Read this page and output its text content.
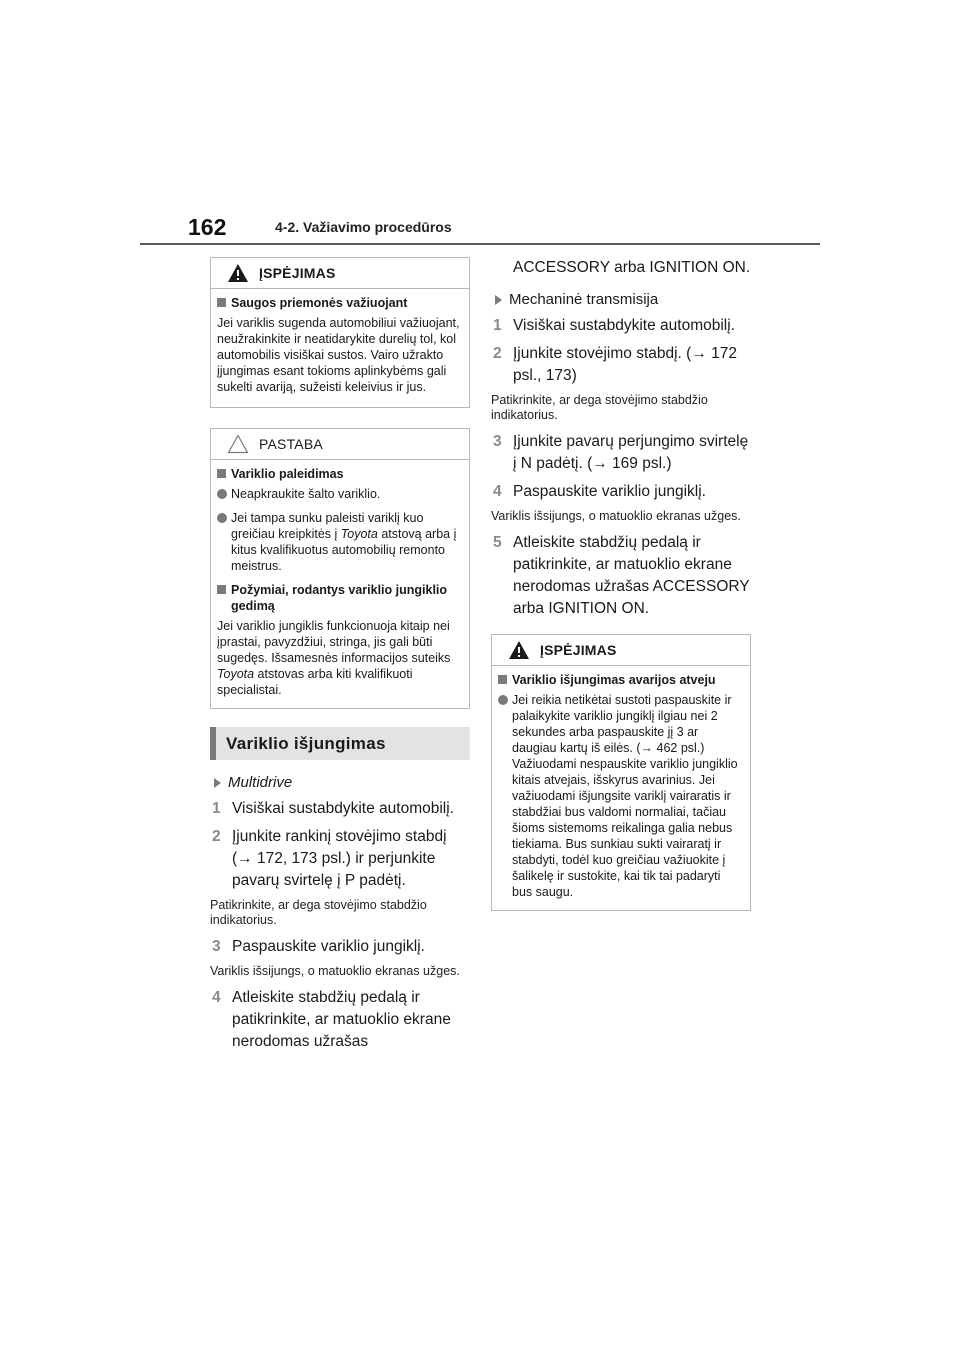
162	4-2. Važiavimo procedūros
ĮSPĖJIMAS

Saugos priemonės važiuojant

Jei variklis sugenda automobiliui važiuojant, neužrakinkite ir neatidarykite durelių tol, kol automobilis visiškai sustos. Vairo užrakto įjungimas esant tokioms aplinkybėms gali sukelti avariją, sužeisti keleivius ir jus.

PASTABA

Variklio paleidimas

Neapkraukite šalto variklio.

Jei tampa sunku paleisti variklį kuo greičiau kreipkitės į Toyota atstovą arba į kitus kvalifikuotus automobilių remonto meistrus.

Požymiai, rodantys variklio jungiklio gedimą

Jei variklio jungiklis funkcionuoja kitaip nei įprastai, pavyzdžiui, stringa, jis gali būti sugedęs. Išsamesnės informacijos suteiks Toyota atstovas arba kiti kvalifikuoti specialistai.

Variklio išjungimas

Multidrive

1 Visiškai sustabdykite automobilį.

2 Įjunkite rankinį stovėjimo stabdį (→ 172, 173 psl.) ir perjunkite pavarų svirtelę į P padėtį.

Patikrinkite, ar dega stovėjimo stabdžio indikatorius.

3 Paspauskite variklio jungiklį.

Variklis išsijungs, o matuoklio ekranas užges.

4 Atleiskite stabdžių pedalą ir patikrinkite, ar matuoklio ekrane nerodomas užrašas

ACCESSORY arba IGNITION ON.

Mechaninė transmisija

1 Visiškai sustabdykite automobilį.

2 Įjunkite stovėjimo stabdį. (→ 172 psl., 173)

Patikrinkite, ar dega stovėjimo stabdžio indikatorius.

3 Įjunkite pavarų perjungimo svirtelę į N padėtį. (→ 169 psl.)

4 Paspauskite variklio jungiklį.

Variklis išsijungs, o matuoklio ekranas užges.

5 Atleiskite stabdžių pedalą ir patikrinkite, ar matuoklio ekrane nerodomas užrašas ACCESSORY arba IGNITION ON.

ĮSPĖJIMAS

Variklio išjungimas avarijos atveju

Jei reikia netikėtai sustoti paspauskite ir palaikykite variklio jungiklį ilgiau nei 2 sekundes arba paspauskite jį 3 ar daugiau kartų iš eilės. (→ 462 psl.) Važiuodami nespauskite variklio jungiklio kitais atvejais, išskyrus avarinius. Jei važiuodami išjungsite variklį vairaratis ir stabdžiai bus valdomi normaliai, tačiau šioms sistemoms reikalinga galia nebus tiekiama. Bus sunkiau sukti vairaratį ir stabdyti, todėl kuo greičiau važiuokite į šalikelę ir sustokite, kai tik tai padaryti bus saugu.
